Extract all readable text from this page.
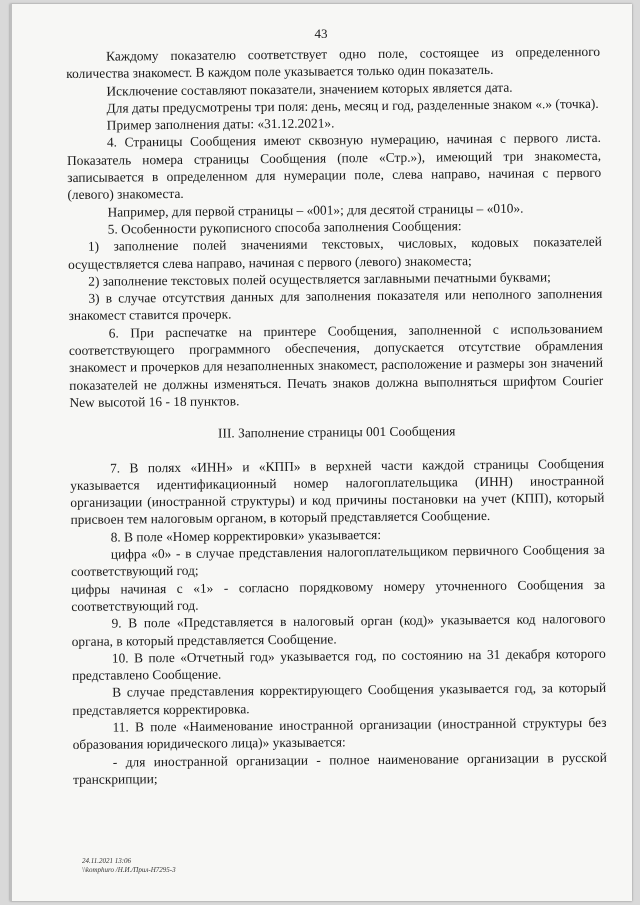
43

Каждому показателю соответствует одно поле, состоящее из определенного количества знакомест. В каждом поле указывается только один показатель.

Исключение составляют показатели, значением которых является дата.

Для даты предусмотрены три поля: день, месяц и год, разделенные знаком «.» (точка).

Пример заполнения даты: «31.12.2021».

4. Страницы Сообщения имеют сквозную нумерацию, начиная с первого листа. Показатель номера страницы Сообщения (поле «Стр.»), имеющий три знакоместа, записывается в определенном для нумерации поле, слева направо, начиная с первого (левого) знакоместа.

Например, для первой страницы – «001»; для десятой страницы – «010».

5. Особенности рукописного способа заполнения Сообщения:

1) заполнение полей значениями текстовых, числовых, кодовых показателей осуществляется слева направо, начиная с первого (левого) знакоместа;

2) заполнение текстовых полей осуществляется заглавными печатными буквами;

3) в случае отсутствия данных для заполнения показателя или неполного заполнения знакомест ставится прочерк.

6. При распечатке на принтере Сообщения, заполненной с использованием соответствующего программного обеспечения, допускается отсутствие обрамления знакомест и прочерков для незаполненных знакомест, расположение и размеры зон значений показателей не должны изменяться. Печать знаков должна выполняться шрифтом Courier New высотой 16 - 18 пунктов.

III. Заполнение страницы 001 Сообщения

7. В полях «ИНН» и «КПП» в верхней части каждой страницы Сообщения указывается идентификационный номер налогоплательщика (ИНН) иностранной организации (иностранной структуры) и код причины постановки на учет (КПП), который присвоен тем налоговым органом, в который представляется Сообщение.

8. В поле «Номер корректировки» указывается:

цифра «0» - в случае представления налогоплательщиком первичного Сообщения за соответствующий год;

цифры начиная с «1» - согласно порядковому номеру уточненного Сообщения за соответствующий год.

9. В поле «Представляется в налоговый орган (код)» указывается код налогового органа, в который представляется Сообщение.

10. В поле «Отчетный год» указывается год, по состоянию на 31 декабря которого представлено Сообщение.

В случае представления корректирующего Сообщения указывается год, за который представляется корректировка.

11. В поле «Наименование иностранной организации (иностранной структуры без образования юридического лица)» указывается:

- для иностранной организации - полное наименование организации в русской транскрипции;

24.11.2021 13:06
\\komphuro /Н.И./Прил-Н7295-3
